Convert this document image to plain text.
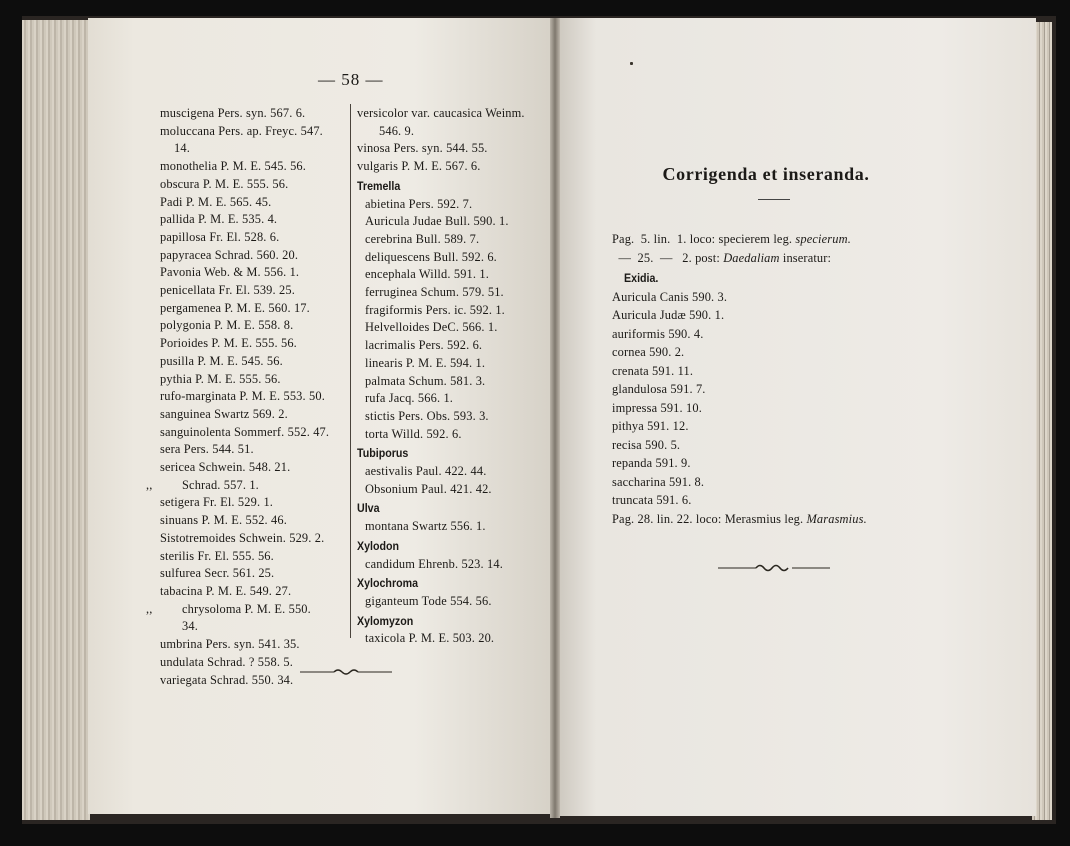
— 58 —
muscigena Pers. syn. 567. 6.
moluccana Pers. ap. Freyc. 547.
14.
monothelia P. M. E. 545. 56.
obscura P. M. E. 555. 56.
Padi P. M. E. 565. 45.
pallida P. M. E. 535. 4.
papillosa Fr. El. 528. 6.
papyracea Schrad. 560. 20.
Pavonia Web. & M. 556. 1.
penicellata Fr. El. 539. 25.
pergamenea P. M. E. 560. 17.
polygonia P. M. E. 558. 8.
Porioides P. M. E. 555. 56.
pusilla P. M. E. 545. 56.
pythia P. M. E. 555. 56.
rufo-marginata P. M. E. 553. 50.
sanguinea Swartz 569. 2.
sanguinolenta Sommerf. 552. 47.
sera Pers. 544. 51.
sericea Schwein. 548. 21.
,, Schrad. 557. 1.
setigera Fr. El. 529. 1.
sinuans P. M. E. 552. 46.
Sistotremoides Schwein. 529. 2.
sterilis Fr. El. 555. 56.
sulfurea Secr. 561. 25.
tabacina P. M. E. 549. 27.
,, chrysoloma P. M. E. 550.
34.
umbrina Pers. syn. 541. 35.
undulata Schrad. ? 558. 5.
variegata Schrad. 550. 34.
versicolor var. caucasica Weinm.
546. 9.
vinosa Pers. syn. 544. 55.
vulgaris P. M. E. 567. 6.
Tremella
abietina Pers. 592. 7.
Auricula Judae Bull. 590. 1.
cerebrina Bull. 589. 7.
deliquescens Bull. 592. 6.
encephala Willd. 591. 1.
ferruginea Schum. 579. 51.
fragiformis Pers. ic. 592. 1.
Helvelloides DeC. 566. 1.
lacrimalis Pers. 592. 6.
linearis P. M. E. 594. 1.
palmata Schum. 581. 3.
rufa Jacq. 566. 1.
stictis Pers. Obs. 593. 3.
torta Willd. 592. 6.
Tubiporus
aestivalis Paul. 422. 44.
Obsonium Paul. 421. 42.
Ulva
montana Swartz 556. 1.
Xylodon
candidum Ehrenb. 523. 14.
Xylochroma
giganteum Tode 554. 56.
Xylomyzon
taxicola P. M. E. 503. 20.
Corrigenda et inseranda.
Pag.  5. lin.  1. loco: specierem leg. specierum.
—  25.  —   2. post: Daedaliam inseratur:
Exidia.
Auricula Canis 590. 3.
Auricula Judæ 590. 1.
auriformis 590. 4.
cornea 590. 2.
crenata 591. 11.
glandulosa 591. 7.
impressa 591. 10.
pithya 591. 12.
recisa 590. 5.
repanda 591. 9.
saccharina 591. 8.
truncata 591. 6.
Pag. 28. lin. 22. loco: Merasmius leg. Marasmius.
